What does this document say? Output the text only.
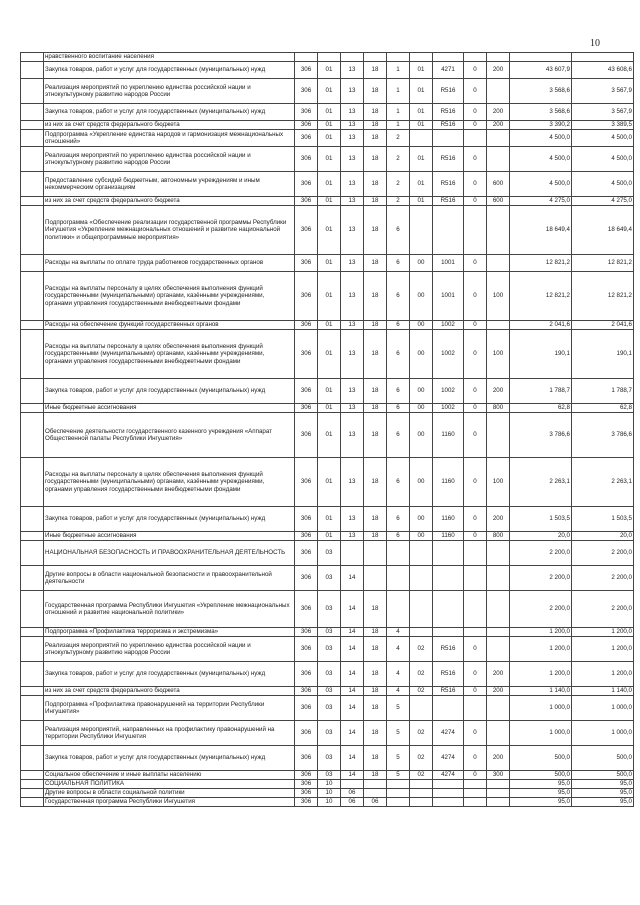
10
	нравственного воспитание населения											
	Закупка товаров, работ и услуг для государственных (муниципальных) нужд	306	01	13	18	1	01	4271	0	200	43 607,9	43 608,6
	Реализация мероприятий по укреплению единства российской нации и этнокультурному развитию народов России	306	01	13	18	1	01	R516	0		3 568,6	3 567,9
	Закупка товаров, работ и услуг для государственных (муниципальных) нужд	306	01	13	18	1	01	R516	0	200	3 568,6	3 567,9
	из них за счет средств федерального бюджета	306	01	13	18	1	01	R516	0	200	3 390,2	3 389,5
	Подпрограмма «Укрепление единства народов и гармонизация межнациональных отношений»	306	01	13	18	2					4 500,0	4 500,0
	Реализация мероприятий по укреплению единства российской нации и этнокультурному развитию народов России	306	01	13	18	2	01	R516	0		4 500,0	4 500,0
	Предоставление субсидий бюджетным, автономным учреждениям и иным некоммерческим организациям	306	01	13	18	2	01	R516	0	600	4 500,0	4 500,0
	из них за счет средств федерального бюджета	306	01	13	18	2	01	R516	0	600	4 275,0	4 275,0
	Подпрограмма «Обеспечение реализации государственной программы Республики Ингушетия «Укрепление межнациональных отношений и развитие национальной политики» и общепрограммные мероприятия»	306	01	13	18	6					18 649,4	18 649,4
	Расходы на выплаты по оплате труда работников государственных органов	306	01	13	18	6	00	1001	0		12 821,2	12 821,2
	Расходы на выплаты персоналу в целях обеспечения выполнения функций государственными (муниципальными) органами, казёнными учреждениями, органами управления государственными внебюджетными фондами	306	01	13	18	6	00	1001	0	100	12 821,2	12 821,2
	Расходы на обеспечение функций государственных органов	306	01	13	18	6	00	1002	0		2 041,6	2 041,6
	Расходы на выплаты персоналу в целях обеспечения выполнения функций государственными (муниципальными) органами, казёнными учреждениями, органами управления государственными внебюджетными фондами	306	01	13	18	6	00	1002	0	100	190,1	190,1
	Закупка товаров, работ и услуг для государственных (муниципальных) нужд	306	01	13	18	6	00	1002	0	200	1 788,7	1 788,7
	Иные бюджетные ассигнования	306	01	13	18	6	00	1002	0	800	62,8	62,8
	Обеспечение деятельности государственного казенного учреждения «Аппарат Общественной палаты Республики Ингушетия»	306	01	13	18	6	00	1160	0		3 786,6	3 786,6
	Расходы на выплаты персоналу в целях обеспечения выполнения функций государственными (муниципальными) органами, казёнными учреждениями, органами управления государственными внебюджетными фондами	306	01	13	18	6	00	1160	0	100	2 263,1	2 263,1
	Закупка товаров, работ и услуг для государственных (муниципальных) нужд	306	01	13	18	6	00	1160	0	200	1 503,5	1 503,5
	Иные бюджетные ассигнования	306	01	13	18	6	00	1160	0	800	20,0	20,0
	НАЦИОНАЛЬНАЯ БЕЗОПАСНОСТЬ И ПРАВООХРАНИТЕЛЬНАЯ ДЕЯТЕЛЬНОСТЬ	306	03								2 200,0	2 200,0
	Другие вопросы в области национальной безопасности и правоохранительной деятельности	306	03	14							2 200,0	2 200,0
	Государственная программа Республики Ингушетия «Укрепление межнациональных отношений и развитие национальной политики»	306	03	14	18						2 200,0	2 200,0
	Подпрограмма «Профилактика терроризма и экстремизма»	306	03	14	18	4					1 200,0	1 200,0
	Реализация мероприятий по укреплению единства российской нации и этнокультурному развитию народов России	306	03	14	18	4	02	R516	0		1 200,0	1 200,0
	Закупка товаров, работ и услуг для государственных (муниципальных) нужд	306	03	14	18	4	02	R516	0	200	1 200,0	1 200,0
	из них за счет средств федерального бюджета	306	03	14	18	4	02	R516	0	200	1 140,0	1 140,0
	Подпрограмма «Профилактика правонарушений на территории Республики Ингушетия»	306	03	14	18	5					1 000,0	1 000,0
	Реализация мероприятий, направленных на профилактику правонарушений на территории Республики Ингушетия	306	03	14	18	5	02	4274	0		1 000,0	1 000,0
	Закупка товаров, работ и услуг для государственных (муниципальных) нужд	306	03	14	18	5	02	4274	0	200	500,0	500,0
	Социальное обеспечение и иные выплаты населению	306	03	14	18	5	02	4274	0	300	500,0	500,0
	СОЦИАЛЬНАЯ ПОЛИТИКА	306	10								95,0	95,0
	Другие вопросы в области социальной политики	306	10	06							95,0	95,0
	Государственная программа Республики Ингушетия	306	10	06	06						95,0	95,0
